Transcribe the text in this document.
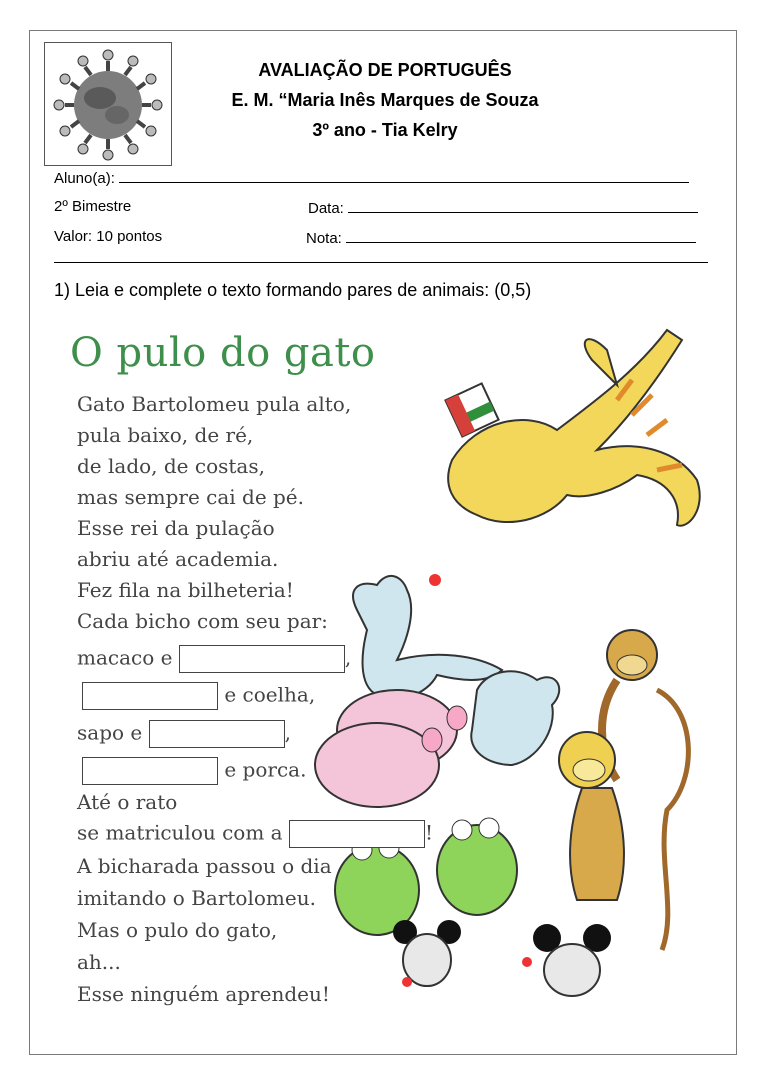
AVALIAÇÃO DE PORTUGUÊS
E. M. “Maria Inês Marques de Souza
3º ano - Tia Kelry
Aluno(a):
2º Bimestre	Data:
Valor: 10 pontos	Nota:
1) Leia e complete o texto formando pares de animais: (0,5)
O pulo do gato
Gato Bartolomeu pula alto,
pula baixo, de ré,
de lado, de costas,
mas sempre cai de pé.
Esse rei da pulação
abriu até academia.
Fez fila na bilheteria!
Cada bicho com seu par:
macaco e	,
e coelha,
sapo e	,
e porca.
Até o rato
se matriculou com a	!
A bicharada passou o dia
imitando o Bartolomeu.
Mas o pulo do gato,
ah...
Esse ninguém aprendeu!
